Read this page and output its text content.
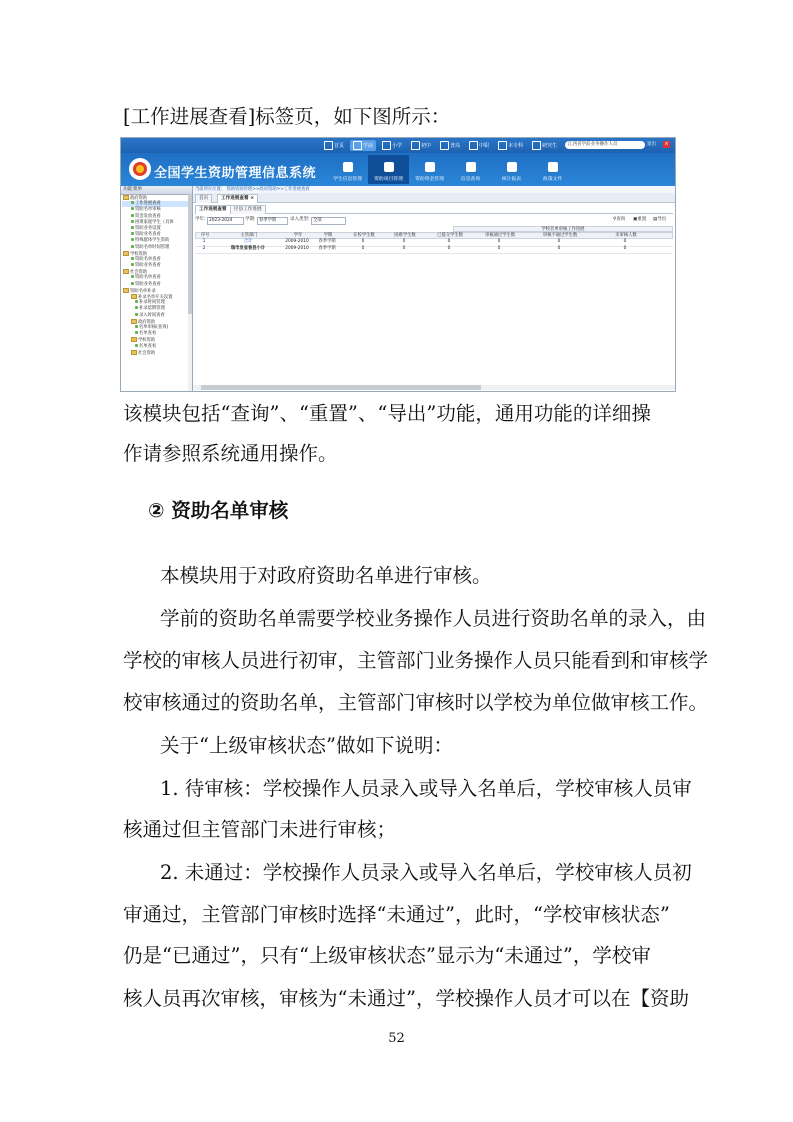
[工作进展查看]标签页，如下图所示：
首页	学前	小学	初中	普高	中职	本专科	研究生	江西省学前业务操作人员	退出 ×
全国学生资助管理信息系统	学生信息管理	资助项目管理	资助资金管理	信息查询	统计报表	政策文件
功能菜单
政府资助
工作进展查看
资助名单审核
资金发放查看
困难家庭学生（具体
资助业务设置
资助业务查看
特殊群体学生资助
资助名单时间管理
学校资助
资助名单查看
资助业务查看
社会资助
资助名单查看
资助业务查看
资助名单补录
补录名单开关设置
补录时间管理
补录延期管理
录入时间查看
政府资助
名单审核(查询)
名单查看
学校资助
名单查看
社会资助
当前所在位置： 资助资助管理>>政府资助>>工作进展查看
首页	工作进展查看 ×
工作进展查看	区县工作进展
学年: 2023-2024	学期: 春季学期	录入类型: 全部	⚲查询 ▣重置 ▤导出
学校名单审核工作进展
序号	主管部门	学年	学期	在校学生数	困难学生数	已提交学生数	审核通过学生数	审核不通过学生数	未审核人数
1	合计	2009-2010	春季学期	0	0	0	0	0	0
2	瑞市发省普县小计	2009-2010	春季学期	0	0	0	0	0	0
该模块包括“查询”、“重置”、“导出”功能，通用功能的详细操
作请参照系统通用操作。
② 资助名单审核
本模块用于对政府资助名单进行审核。
学前的资助名单需要学校业务操作人员进行资助名单的录入，由
学校的审核人员进行初审，主管部门业务操作人员只能看到和审核学
校审核通过的资助名单，主管部门审核时以学校为单位做审核工作。
关于“上级审核状态”做如下说明：
1. 待审核：学校操作人员录入或导入名单后，学校审核人员审
核通过但主管部门未进行审核；
2. 未通过：学校操作人员录入或导入名单后，学校审核人员初
审通过，主管部门审核时选择“未通过”，此时，“学校审核状态”
仍是“已通过”，只有“上级审核状态”显示为“未通过”，学校审
核人员再次审核，审核为“未通过”，学校操作人员才可以在【资助
52
